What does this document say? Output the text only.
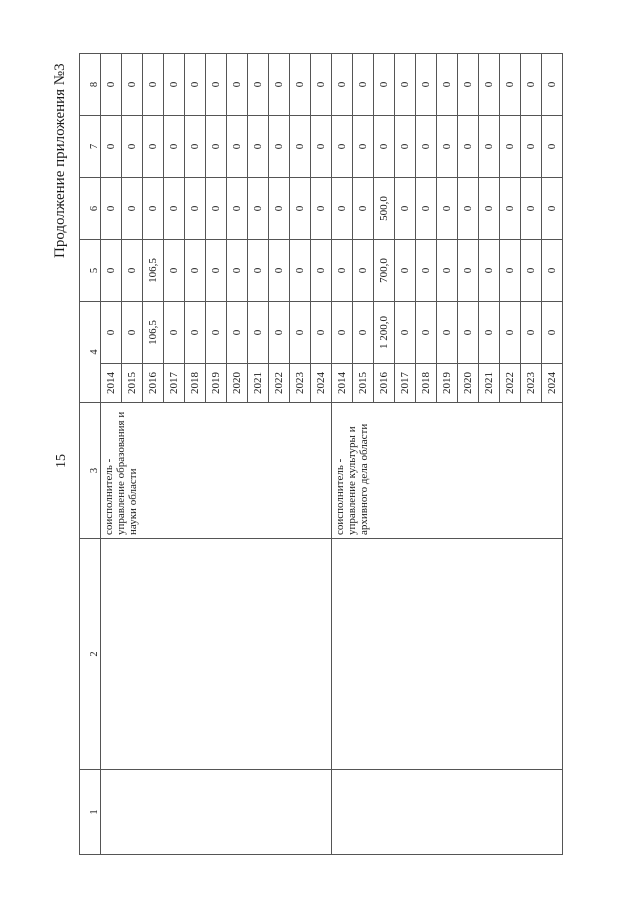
15
Продолжение приложения №3
1	2	3	4		5	6	7	8
		соисполнитель - управление образования и науки области	2014	0	0	0	0	0
			2015	0	0	0	0	0
			2016	106,5	106,5	0	0	0
			2017	0	0	0	0	0
			2018	0	0	0	0	0
			2019	0	0	0	0	0
			2020	0	0	0	0	0
			2021	0	0	0	0	0
			2022	0	0	0	0	0
			2023	0	0	0	0	0
			2024	0	0	0	0	0
		соисполнитель - управление культуры и архивного дела области	2014	0	0	0	0	0
			2015	0	0	0	0	0
			2016	1 200,0	700,0	500,0	0	0
			2017	0	0	0	0	0
			2018	0	0	0	0	0
			2019	0	0	0	0	0
			2020	0	0	0	0	0
			2021	0	0	0	0	0
			2022	0	0	0	0	0
			2023	0	0	0	0	0
			2024	0	0	0	0	0
